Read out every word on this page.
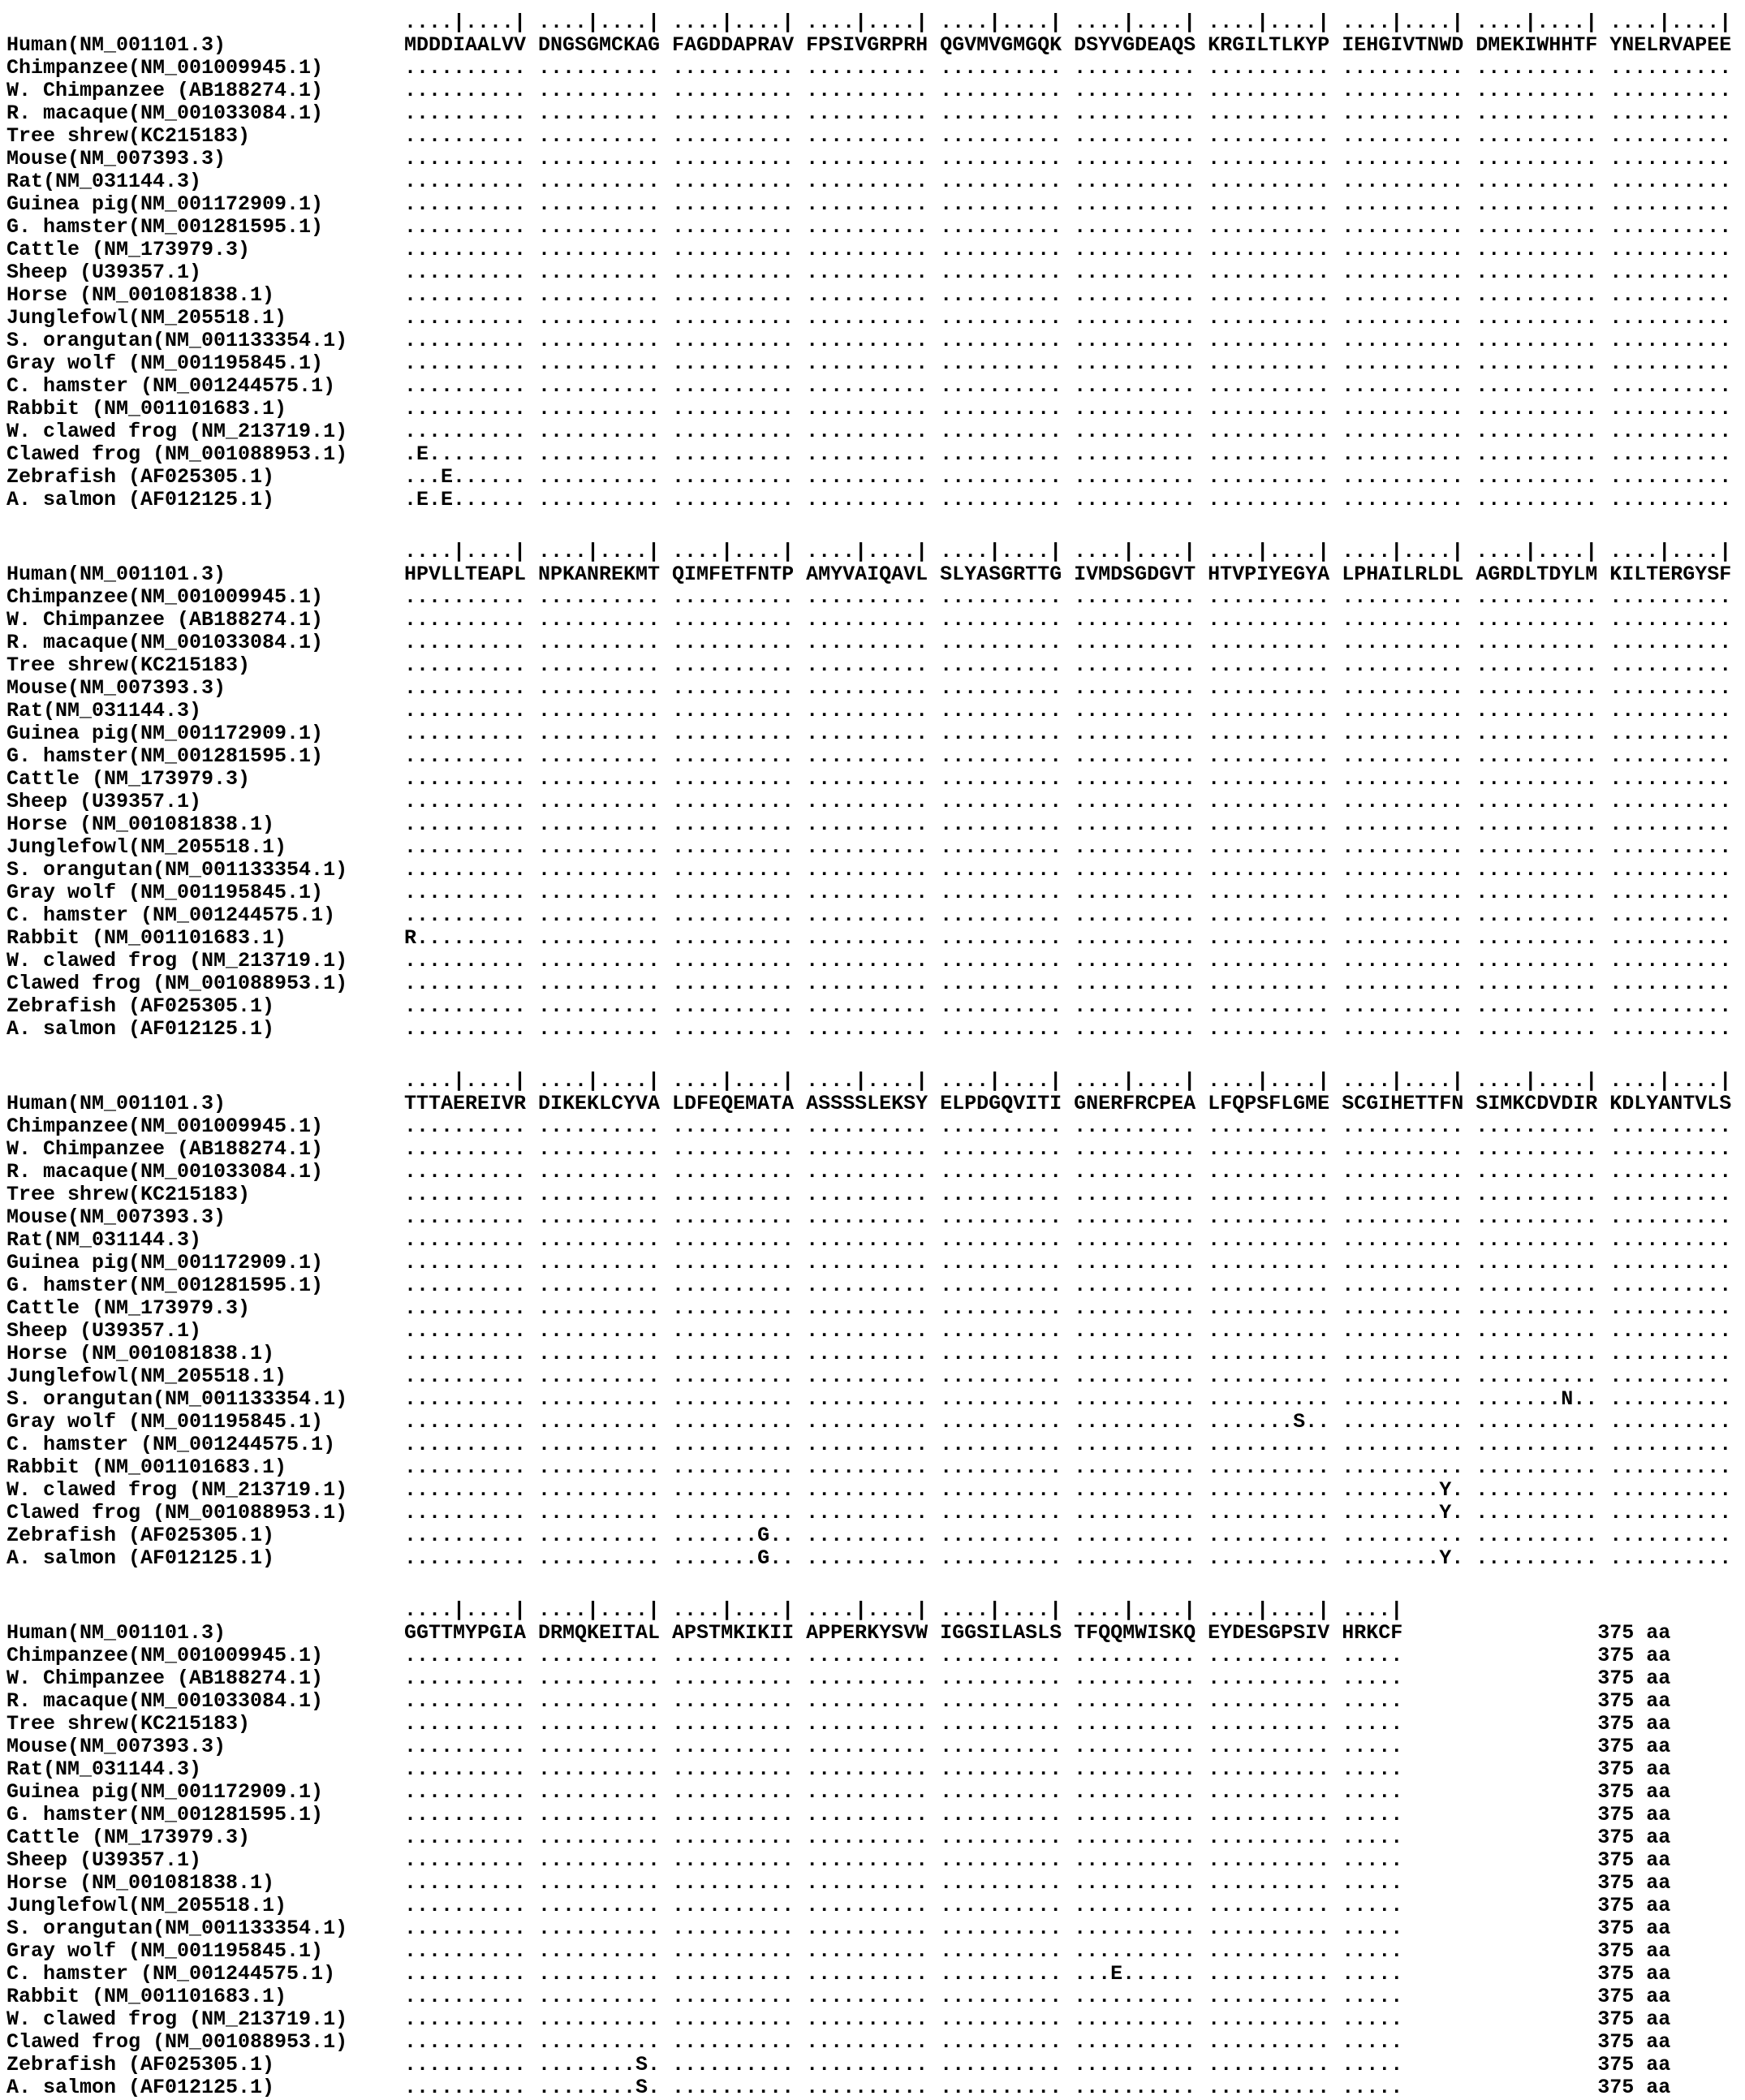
....|....| ....|....| ....|....| ....|....| ....|....| ....|....| ....|....| ....|....| ....|....| ....|....|
Human(NM_001101.3)	MDDDIAALVV DNGSGMCKAG FAGDDAPRAV FPSIVGRPRH QGVMVGMGQK DSYVGDEAQS KRGILTLKYP IEHGIVTNWD DMEKIWHHTF YNELRVAPEE
Chimpanzee(NM_001009945.1)	.......... .......... .......... .......... .......... .......... .......... .......... .......... ..........
W. Chimpanzee (AB188274.1)	.......... .......... .......... .......... .......... .......... .......... .......... .......... ..........
R. macaque(NM_001033084.1)	.......... .......... .......... .......... .......... .......... .......... .......... .......... ..........
Tree shrew(KC215183)	.......... .......... .......... .......... .......... .......... .......... .......... .......... ..........
Mouse(NM_007393.3)	.......... .......... .......... .......... .......... .......... .......... .......... .......... ..........
Rat(NM_031144.3)	.......... .......... .......... .......... .......... .......... .......... .......... .......... ..........
Guinea pig(NM_001172909.1)	.......... .......... .......... .......... .......... .......... .......... .......... .......... ..........
G. hamster(NM_001281595.1)	.......... .......... .......... .......... .......... .......... .......... .......... .......... ..........
Cattle (NM_173979.3)	.......... .......... .......... .......... .......... .......... .......... .......... .......... ..........
Sheep (U39357.1)	.......... .......... .......... .......... .......... .......... .......... .......... .......... ..........
Horse (NM_001081838.1)	.......... .......... .......... .......... .......... .......... .......... .......... .......... ..........
Junglefowl(NM_205518.1)	.......... .......... .......... .......... .......... .......... .......... .......... .......... ..........
S. orangutan(NM_001133354.1)	.......... .......... .......... .......... .......... .......... .......... .......... .......... ..........
Gray wolf (NM_001195845.1)	.......... .......... .......... .......... .......... .......... .......... .......... .......... ..........
C. hamster (NM_001244575.1)	.......... .......... .......... .......... .......... .......... .......... .......... .......... ..........
Rabbit (NM_001101683.1)	.......... .......... .......... .......... .......... .......... .......... .......... .......... ..........
W. clawed frog (NM_213719.1)	.......... .......... .......... .......... .......... .......... .......... .......... .......... ..........
Clawed frog (NM_001088953.1)	.E........ .......... .......... .......... .......... .......... .......... .......... .......... ..........
Zebrafish (AF025305.1)	...E...... .......... .......... .......... .......... .......... .......... .......... .......... ..........
A. salmon (AF012125.1)	.E.E...... .......... .......... .......... .......... .......... .......... .......... .......... ..........
....|....| ....|....| ....|....| ....|....| ....|....| ....|....| ....|....| ....|....| ....|....| ....|....|
Human(NM_001101.3)	HPVLLTEAPL NPKANREKMT QIMFETFNTP AMYVAIQAVL SLYASGRTTG IVMDSGDGVT HTVPIYEGYA LPHAILRLDL AGRDLTDYLM KILTERGYSF
Chimpanzee(NM_001009945.1)	.......... .......... .......... .......... .......... .......... .......... .......... .......... ..........
W. Chimpanzee (AB188274.1)	.......... .......... .......... .......... .......... .......... .......... .......... .......... ..........
R. macaque(NM_001033084.1)	.......... .......... .......... .......... .......... .......... .......... .......... .......... ..........
Tree shrew(KC215183)	.......... .......... .......... .......... .......... .......... .......... .......... .......... ..........
Mouse(NM_007393.3)	.......... .......... .......... .......... .......... .......... .......... .......... .......... ..........
Rat(NM_031144.3)	.......... .......... .......... .......... .......... .......... .......... .......... .......... ..........
Guinea pig(NM_001172909.1)	.......... .......... .......... .......... .......... .......... .......... .......... .......... ..........
G. hamster(NM_001281595.1)	.......... .......... .......... .......... .......... .......... .......... .......... .......... ..........
Cattle (NM_173979.3)	.......... .......... .......... .......... .......... .......... .......... .......... .......... ..........
Sheep (U39357.1)	.......... .......... .......... .......... .......... .......... .......... .......... .......... ..........
Horse (NM_001081838.1)	.......... .......... .......... .......... .......... .......... .......... .......... .......... ..........
Junglefowl(NM_205518.1)	.......... .......... .......... .......... .......... .......... .......... .......... .......... ..........
S. orangutan(NM_001133354.1)	.......... .......... .......... .......... .......... .......... .......... .......... .......... ..........
Gray wolf (NM_001195845.1)	.......... .......... .......... .......... .......... .......... .......... .......... .......... ..........
C. hamster (NM_001244575.1)	.......... .......... .......... .......... .......... .......... .......... .......... .......... ..........
Rabbit (NM_001101683.1)	R......... .......... .......... .......... .......... .......... .......... .......... .......... ..........
W. clawed frog (NM_213719.1)	.......... .......... .......... .......... .......... .......... .......... .......... .......... ..........
Clawed frog (NM_001088953.1)	.......... .......... .......... .......... .......... .......... .......... .......... .......... ..........
Zebrafish (AF025305.1)	.......... .......... .......... .......... .......... .......... .......... .......... .......... ..........
A. salmon (AF012125.1)	.......... .......... .......... .......... .......... .......... .......... .......... .......... ..........
....|....| ....|....| ....|....| ....|....| ....|....| ....|....| ....|....| ....|....| ....|....| ....|....|
Human(NM_001101.3)	TTTAEREIVR DIKEKLCYVA LDFEQEMATA ASSSSLEKSY ELPDGQVITI GNERFRCPEA LFQPSFLGME SCGIHETTFN SIMKCDVDIR KDLYANTVLS
Chimpanzee(NM_001009945.1)	.......... .......... .......... .......... .......... .......... .......... .......... .......... ..........
W. Chimpanzee (AB188274.1)	.......... .......... .......... .......... .......... .......... .......... .......... .......... ..........
R. macaque(NM_001033084.1)	.......... .......... .......... .......... .......... .......... .......... .......... .......... ..........
Tree shrew(KC215183)	.......... .......... .......... .......... .......... .......... .......... .......... .......... ..........
Mouse(NM_007393.3)	.......... .......... .......... .......... .......... .......... .......... .......... .......... ..........
Rat(NM_031144.3)	.......... .......... .......... .......... .......... .......... .......... .......... .......... ..........
Guinea pig(NM_001172909.1)	.......... .......... .......... .......... .......... .......... .......... .......... .......... ..........
G. hamster(NM_001281595.1)	.......... .......... .......... .......... .......... .......... .......... .......... .......... ..........
Cattle (NM_173979.3)	.......... .......... .......... .......... .......... .......... .......... .......... .......... ..........
Sheep (U39357.1)	.......... .......... .......... .......... .......... .......... .......... .......... .......... ..........
Horse (NM_001081838.1)	.......... .......... .......... .......... .......... .......... .......... .......... .......... ..........
Junglefowl(NM_205518.1)	.......... .......... .......... .......... .......... .......... .......... .......... .......... ..........
S. orangutan(NM_001133354.1)	.......... .......... .......... .......... .......... .......... .......... .......... .......N.. ..........
Gray wolf (NM_001195845.1)	.......... .......... .......... .......... .......... .......... .......S.. .......... .......... ..........
C. hamster (NM_001244575.1)	.......... .......... .......... .......... .......... .......... .......... .......... .......... ..........
Rabbit (NM_001101683.1)	.......... .......... .......... .......... .......... .......... .......... .......... .......... ..........
W. clawed frog (NM_213719.1)	.......... .......... .......... .......... .......... .......... .......... ........Y. .......... ..........
Clawed frog (NM_001088953.1)	.......... .......... .......... .......... .......... .......... .......... ........Y. .......... ..........
Zebrafish (AF025305.1)	.......... .......... .......G.. .......... .......... .......... .......... .......... .......... ..........
A. salmon (AF012125.1)	.......... .......... .......G.. .......... .......... .......... .......... ........Y. .......... ..........
....|....| ....|....| ....|....| ....|....| ....|....| ....|....| ....|....| ....|
Human(NM_001101.3)	GGTTMYPGIA DRMQKEITAL APSTMKIKII APPERKYSVW IGGSILASLS TFQQMWISKQ EYDESGPSIV HRKCF                375 aa
Chimpanzee(NM_001009945.1)	.......... .......... .......... .......... .......... .......... .......... .....                375 aa
W. Chimpanzee (AB188274.1)	.......... .......... .......... .......... .......... .......... .......... .....                375 aa
R. macaque(NM_001033084.1)	.......... .......... .......... .......... .......... .......... .......... .....                375 aa
Tree shrew(KC215183)	.......... .......... .......... .......... .......... .......... .......... .....                375 aa
Mouse(NM_007393.3)	.......... .......... .......... .......... .......... .......... .......... .....                375 aa
Rat(NM_031144.3)	.......... .......... .......... .......... .......... .......... .......... .....                375 aa
Guinea pig(NM_001172909.1)	.......... .......... .......... .......... .......... .......... .......... .....                375 aa
G. hamster(NM_001281595.1)	.......... .......... .......... .......... .......... .......... .......... .....                375 aa
Cattle (NM_173979.3)	.......... .......... .......... .......... .......... .......... .......... .....                375 aa
Sheep (U39357.1)	.......... .......... .......... .......... .......... .......... .......... .....                375 aa
Horse (NM_001081838.1)	.......... .......... .......... .......... .......... .......... .......... .....                375 aa
Junglefowl(NM_205518.1)	.......... .......... .......... .......... .......... .......... .......... .....                375 aa
S. orangutan(NM_001133354.1)	.......... .......... .......... .......... .......... .......... .......... .....                375 aa
Gray wolf (NM_001195845.1)	.......... .......... .......... .......... .......... .......... .......... .....                375 aa
C. hamster (NM_001244575.1)	.......... .......... .......... .......... .......... ...E...... .......... .....                375 aa
Rabbit (NM_001101683.1)	.......... .......... .......... .......... .......... .......... .......... .....                375 aa
W. clawed frog (NM_213719.1)	.......... .......... .......... .......... .......... .......... .......... .....                375 aa
Clawed frog (NM_001088953.1)	.......... .......... .......... .......... .......... .......... .......... .....                375 aa
Zebrafish (AF025305.1)	.......... ........S. .......... .......... .......... .......... .......... .....                375 aa
A. salmon (AF012125.1)	.......... ........S. .......... .......... .......... .......... .......... .....                375 aa
